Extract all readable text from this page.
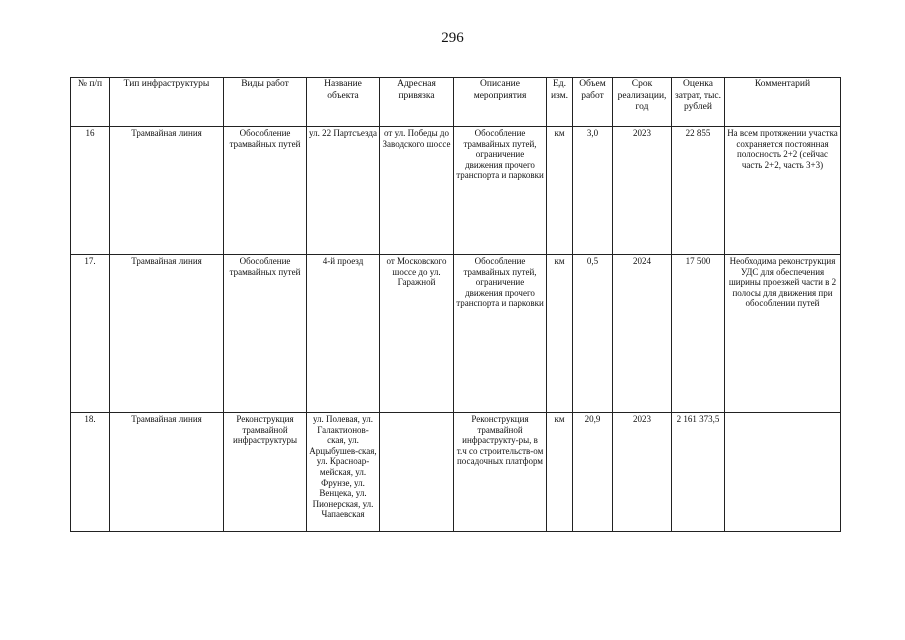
296
№ п/п	Тип инфраструктуры	Виды работ	Название объекта	Адресная привязка	Описание мероприятия	Ед. изм.	Объем работ	Срок реализации, год	Оценка затрат, тыс. рублей	Комментарий
16	Трамвайная линия	Обособление трамвайных путей	ул. 22 Партсъезда	от ул. Победы до Заводского шоссе	Обособление трамвайных путей, ограничение движения прочего транспорта и парковки	км	3,0	2023	22 855	На всем протяжении участка сохраняется постоянная полосность 2+2 (сейчас часть 2+2, часть 3+3)
17.	Трамвайная линия	Обособление трамвайных путей	4-й проезд	от Московского шоссе до ул. Гаражной	Обособление трамвайных путей, ограничение движения прочего транспорта и парковки	км	0,5	2024	17 500	Необходима реконструкция УДС для обеспечения ширины проезжей части в 2 полосы для движения при обособлении путей
18.	Трамвайная линия	Реконструкция трамвайной инфраструктуры	ул. Полевая, ул. Галактионов-ская, ул. Арцыбушев-ская, ул. Красноар-мейская, ул. Фрунзе, ул. Венцека, ул. Пионерская, ул. Чапаевская		Реконструкция трамвайной инфраструкту-ры, в т.ч со строительств-ом посадочных платформ	км	20,9	2023	2 161 373,5	
